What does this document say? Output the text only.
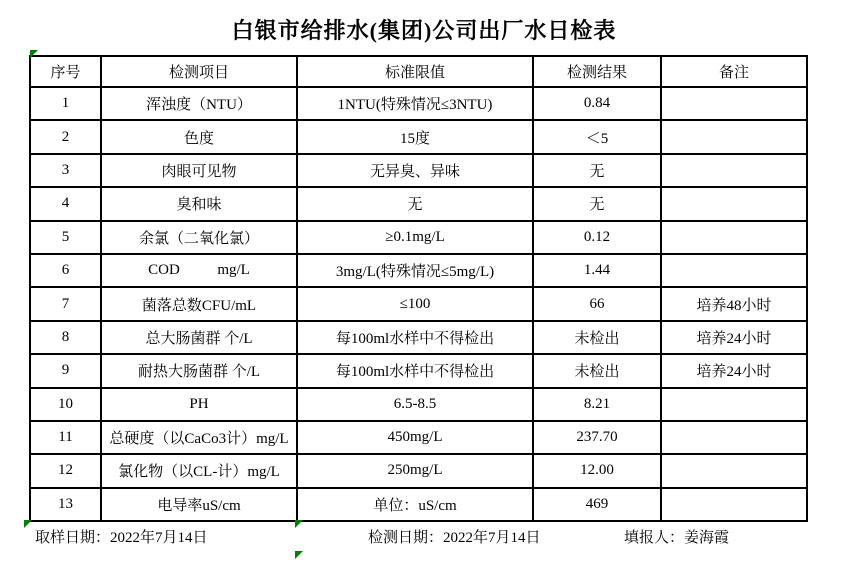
白银市给排水(集团)公司出厂水日检表
序号	检测项目	标准限值	检测结果	备注
1	浑浊度（NTU）	1NTU(特殊情况≤3NTU)	0.84	
2	色度	15度	＜5	
3	肉眼可见物	无异臭、异味	无	
4	臭和味	无	无	
5	余氯（二氧化氯）	≥0.1mg/L	0.12	
6	COD          mg/L	3mg/L(特殊情况≤5mg/L)	1.44	
7	菌落总数CFU/mL	≤100	66	培养48小时
8	总大肠菌群 个/L	每100ml水样中不得检出	未检出	培养24小时
9	耐热大肠菌群 个/L	每100ml水样中不得检出	未检出	培养24小时
10	PH	6.5-8.5	8.21	
11	总硬度（以CaCo3计）mg/L	450mg/L	237.70	
12	氯化物（以CL-计）mg/L	250mg/L	12.00	
13	电导率uS/cm	单位：uS/cm	469	
取样日期：2022年7月14日	检测日期：2022年7月14日	填报人：姜海霞
